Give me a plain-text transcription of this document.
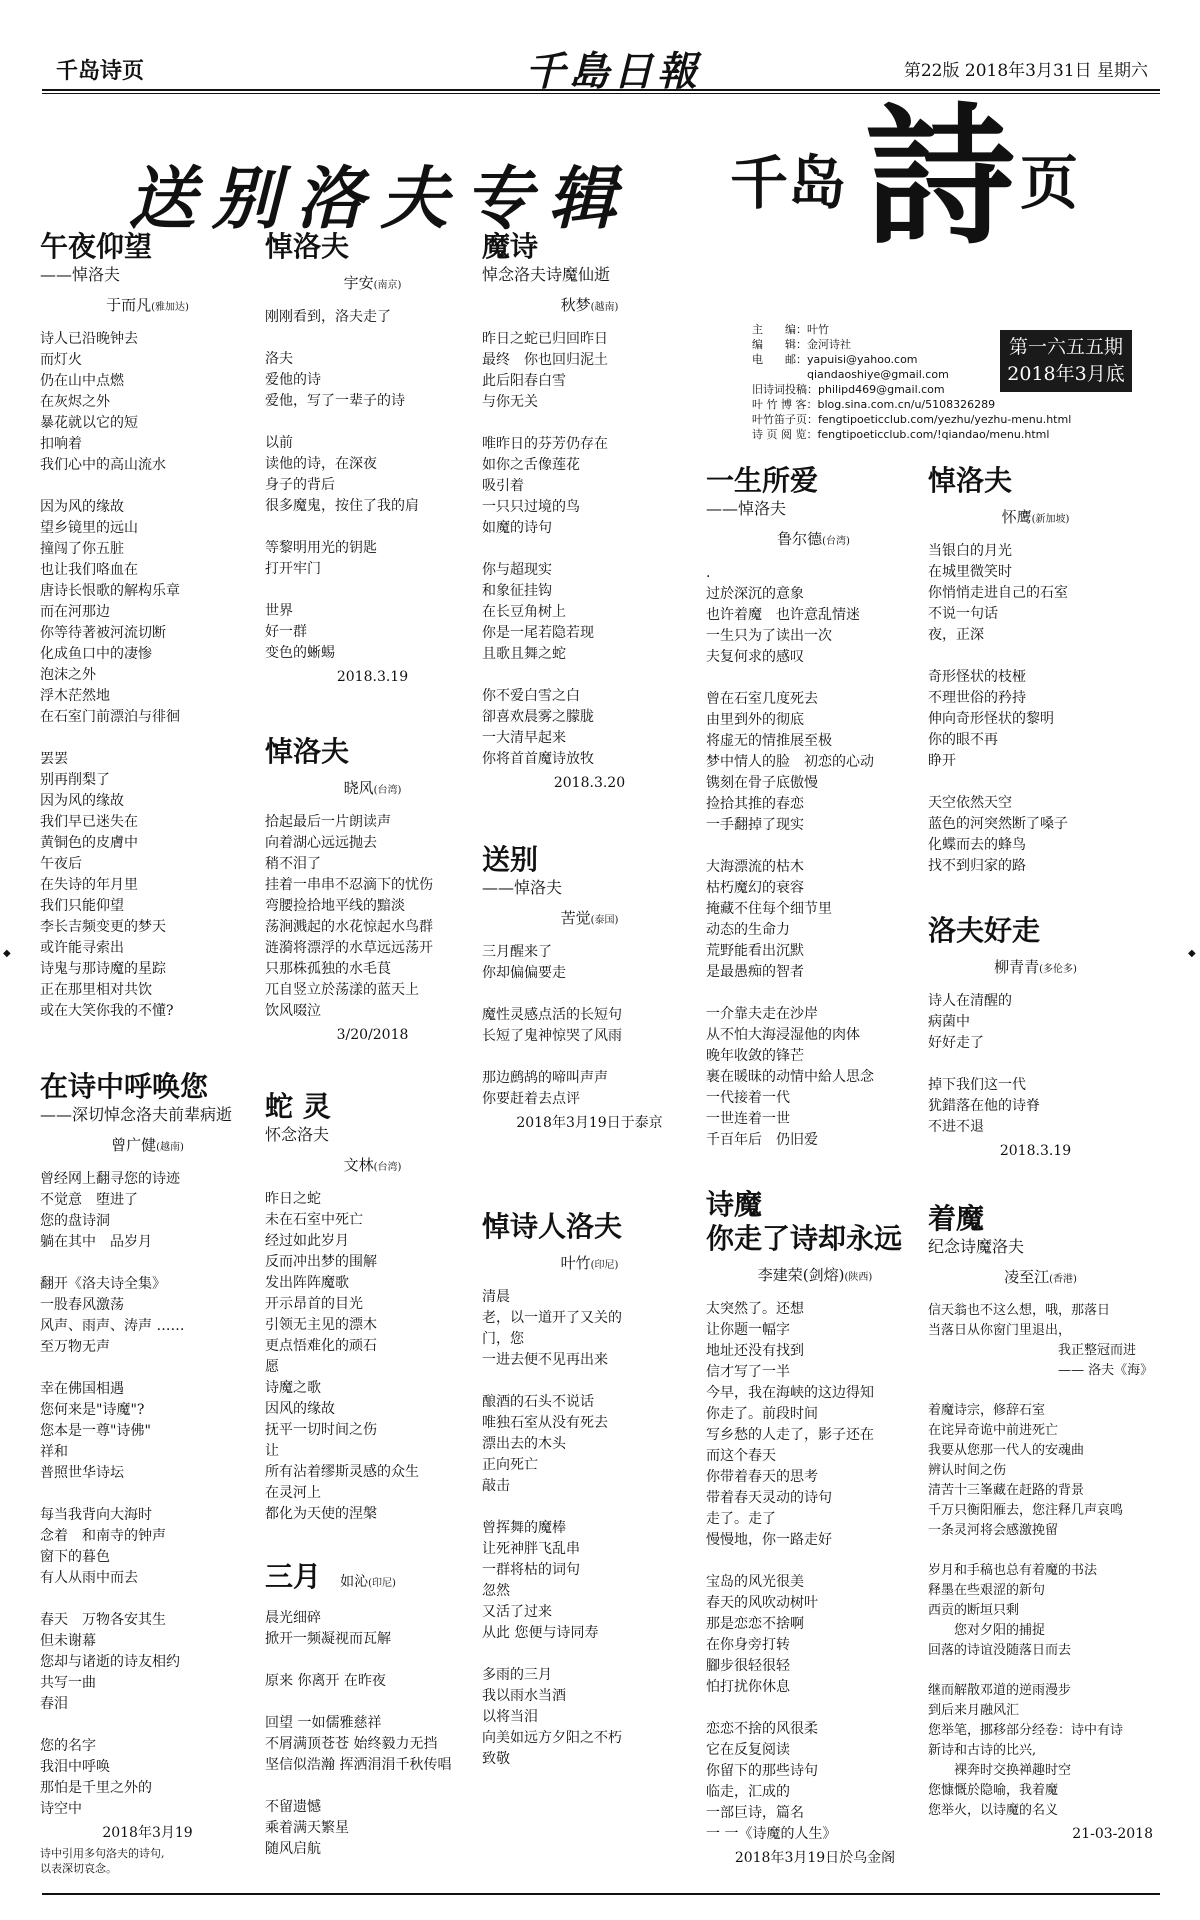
千岛诗页	千島日報	第22版 2018年3月31日 星期六
送别洛夫专辑 千岛 詩 页
主　　编：叶竹
编　　辑：金河诗社
电　　邮：yapuisi@yahoo.com
　　　　　qiandaoshiye@gmail.com
旧诗词投稿：philipd469@gmail.com
叶 竹 博 客：blog.sina.com.cn/u/5108326289
叶竹笛子页：fengtipoeticclub.com/yezhu/yezhu-menu.html
诗 页 阅 览：fengtipoeticclub.com/!qiandao/menu.html
第一六五五期
2018年3月底
午夜仰望
——悼洛夫
于而凡(雅加达)
诗人已沿晚钟去
而灯火
仍在山中点燃
在灰烬之外
暴花就以它的短
扣响着
我们心中的高山流水

因为风的缘故
望乡镜里的远山
撞闯了你五脏
也让我们咯血在
唐诗长恨歌的解构乐章
而在河那边
你等待著被河流切断
化成鱼口中的凄惨
泡沫之外
浮木茫然地
在石室门前漂泊与徘徊

罢罢
别再削梨了
因为风的缘故
我们早已迷失在
黄铜色的皮膚中
午夜后
在失诗的年月里
我们只能仰望
李长吉频变更的梦天
或许能寻索出
诗鬼与那诗魔的星踪
正在那里相对共饮
或在大笑你我的不懂?
在诗中呼唤您
——深切悼念洛夫前辈病逝
曾广健(越南)
曾经网上翻寻您的诗迹
不觉意　堕进了
您的盘诗洞
躺在其中　品岁月

翻开《洛夫诗全集》
一股春风激荡
风声、雨声、涛声 ……
至万物无声

幸在佛国相遇
您何来是"诗魔"?
您本是一尊"诗佛"
祥和
普照世华诗坛

每当我背向大海时
念着　和南寺的钟声
窗下的暮色
有人从雨中而去

春天　万物各安其生
但未谢幕
您却与诸逝的诗友相约
共写一曲
春泪

您的名字
我泪中呼唤
那怕是千里之外的
诗空中
2018年3月19
诗中引用多句洛夫的诗句,
以表深切哀念。
悼洛夫
宇安(南京)
刚刚看到，洛夫走了

洛夫
爱他的诗
爱他，写了一辈子的诗

以前
读他的诗，在深夜
身子的背后
很多魔鬼，按住了我的肩

等黎明用光的钥匙
打开牢门

世界
好一群
变色的蜥蜴
2018.3.19
悼洛夫
晓风(台湾)
拾起最后一片朗读声
向着湖心远远抛去
稍不泪了
挂着一串串不忍滴下的忧伤
弯腰捡拾地平线的黯淡
荡涧溅起的水花惊起水鸟群
涟漪将漂浮的水草远远荡开
只那株孤独的水毛茛
兀自竖立於荡漾的蓝天上
饮风啜泣
3/20/2018
蛇 灵
怀念洛夫
文林(台湾)
昨日之蛇
未在石室中死亡
经过如此岁月
反而冲出梦的围解
发出阵阵魔歌
开示昂首的目光
引领无主见的漂木
更点悟难化的顽石
愿
诗魔之歌
因风的缘故
抚平一切时间之伤
让
所有沾着缪斯灵感的众生
在灵河上
都化为天使的涅槃
三月 如沁(印尼)
晨光细碎
掀开一频凝视而瓦解

原来 你离开 在昨夜

回望 一如儒雅慈祥
不屑满顶苍苍 始终毅力无挡
坚信似浩瀚 挥洒涓涓千秋传唱

不留遗憾
乘着满天繁星
随风启航
魔诗
悼念洛夫诗魔仙逝
秋梦(越南)
昨日之蛇已归回昨日
最终　你也回归泥土
此后阳春白雪
与你无关

唯昨日的芬芳仍存在
如你之舌像莲花
吸引着
一只只过境的鸟
如魔的诗句

你与超现实
和象征挂钩
在长豆角树上
你是一尾若隐若现
且歌且舞之蛇

你不爱白雪之白
卻喜欢晨雾之朦胧
一大清早起来
你将首首魔诗放牧
2018.3.20
送别
——悼洛夫
苦觉(泰国)
三月醒来了
你却偏偏要走

魔性灵感点活的长短句
长短了鬼神惊哭了风雨

那边鹧鸪的啼叫声声
你要赶着去点评
2018年3月19日于泰京
悼诗人洛夫
叶竹(印尼)
清晨
老，以一道开了又关的
门，您
一进去便不见再出来

酿酒的石头不说话
唯独石室从没有死去
漂出去的木头
正向死亡
敲击

曾挥舞的魔棒
让死神胖飞乱串
一群将枯的词句
忽然
又活了过来
从此 您便与诗同寿

多雨的三月
我以雨水当酒
以将当泪
向美如远方夕阳之不朽
致敬
一生所爱
——悼洛夫
鲁尔德(台湾)
.
过於深沉的意象
也许着魔　也许意乱情迷
一生只为了读出一次
夫复何求的感叹

曾在石室几度死去
由里到外的彻底
将虚无的情推展至极
梦中情人的脸　初恋的心动
镌刻在骨子底傲慢
捡拾其推的春恋
一手翻掉了现实

大海漂流的枯木
枯朽魔幻的衰容
掩藏不住每个细节里
动态的生命力
荒野能看出沉默
是最愚痴的智者

一介靠夫走在沙岸
从不怕大海浸湿他的肉体
晚年收敛的锋芒
裹在暖昧的动情中給人思念
一代接着一代
一世连着一世
千百年后　仍旧爱
诗魔
你走了诗却永远
李建荣(剑熔)(陕西)
太突然了。还想
让你题一幅字
地址还没有找到
信才写了一半
今早，我在海峡的这边得知
你走了。前段时间
写乡愁的人走了，影子还在
而这个春天
你带着春天的思考
带着春天灵动的诗句
走了。走了
慢慢地，你一路走好

宝岛的风光很美
春天的风吹动树叶
那是恋恋不捨啊
在你身旁打转
腳步很轻很轻
怕打扰你休息

恋恋不捨的风很柔
它在反复阅读
你留下的那些诗句
临走，汇成的
一部巨诗，篇名
一 一《诗魔的人生》
2018年3月19日於乌金阁
悼洛夫
怀鹰(新加坡)
当银白的月光
在城里微笑时
你悄悄走进自己的石室
不说一句话
夜，正深

奇形怪状的枝桠
不理世俗的矜持
伸向奇形怪状的黎明
你的眼不再
睁开

天空依然天空
蓝色的河突然断了嗓子
化蝶而去的蜂鸟
找不到归家的路
洛夫好走
柳青青(多伦多)
诗人在清醒的
病菌中
好好走了

掉下我们这一代
犹錯落在他的诗脊
不进不退
2018.3.19
着魔
纪念诗魔洛夫
凌至江(香港)
信天翁也不这么想，哦，那落日
当落日从你窗门里退出，
　　　　　　　　　　我正整冠而进
　　　　　　　　　　—— 洛夫《海》

着魔诗宗，修辞石室
在诧异奇诡中前进死亡
我要从您那一代人的安魂曲
辨认时间之伤
清苦十三峯藏在赶路的背景
千万只衡阳雁去，您注释几声哀鸣
一条灵河将会感激挽留

岁月和手稿也总有着魔的书法
释墨在些艰涩的新句
西贡的断垣只剩
　　您对夕阳的捕捉
回落的诗谊没随落日而去

继而解散邓道的逆雨漫步
到后来月融风汇
您举笔，挪移部分经卷：诗中有诗
新诗和古诗的比兴,
　　裸奔时交换禅趣时空
您慷慨於隐喻，我着魔
您举火，以诗魔的名义
21-03-2018
◆	◆
